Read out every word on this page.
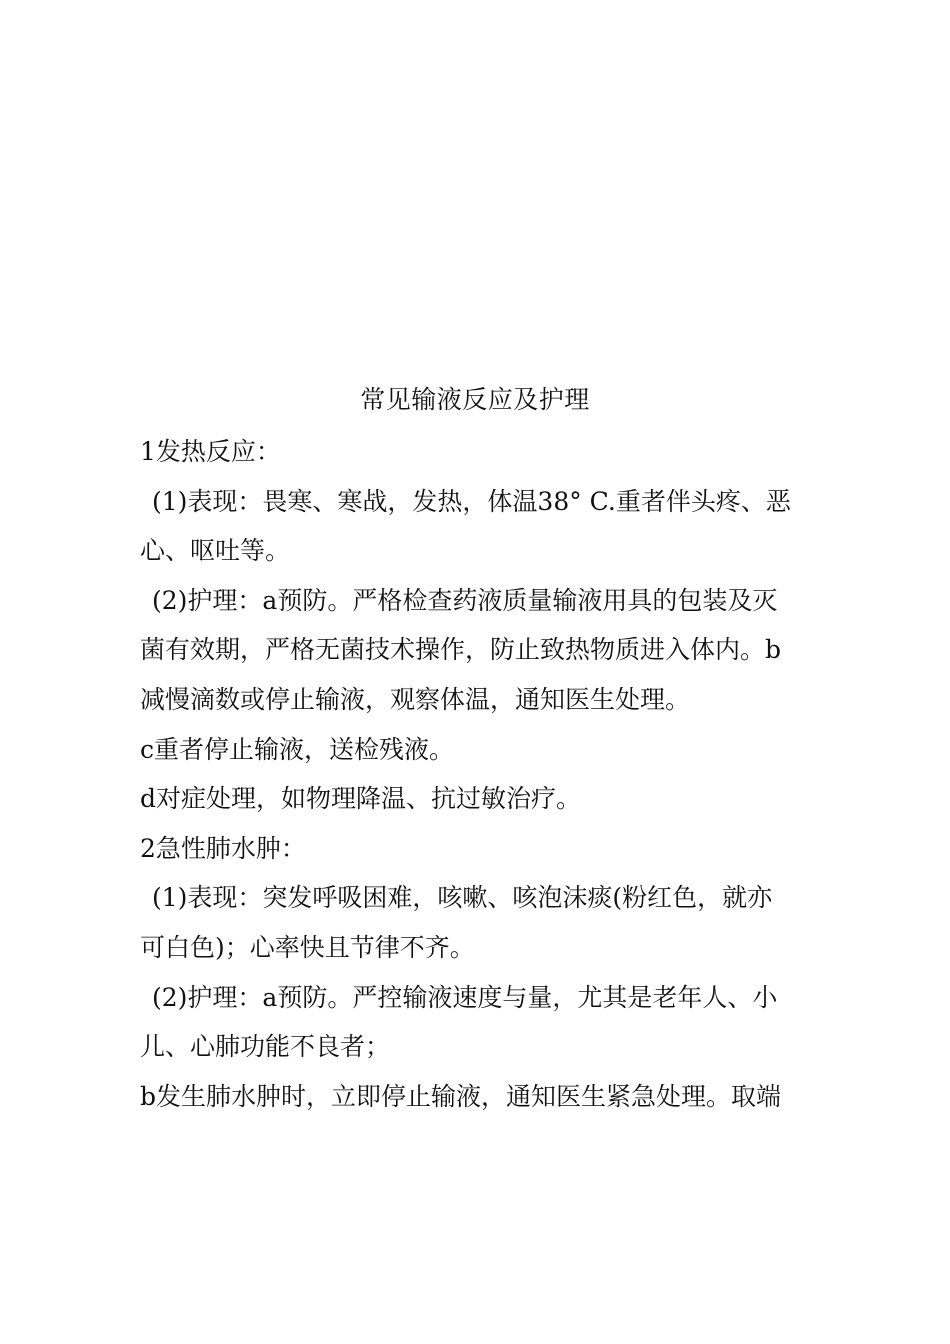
常见输液反应及护理

1发热反应：

(1)表现：畏寒、寒战，发热，体温38° C.重者伴头疼、恶

心、呕吐等。

(2)护理：a预防。严格检查药液质量输液用具的包装及灭

菌有效期，严格无菌技术操作，防止致热物质进入体内。b

减慢滴数或停止输液，观察体温，通知医生处理。

c重者停止输液，送检残液。

d对症处理，如物理降温、抗过敏治疗。

2急性肺水肿：

(1)表现：突发呼吸困难，咳嗽、咳泡沫痰(粉红色，就亦

可白色)；心率快且节律不齐。

(2)护理：a预防。严控输液速度与量，尤其是老年人、小

儿、心肺功能不良者；

b发生肺水肿时，立即停止输液，通知医生紧急处理。取端
